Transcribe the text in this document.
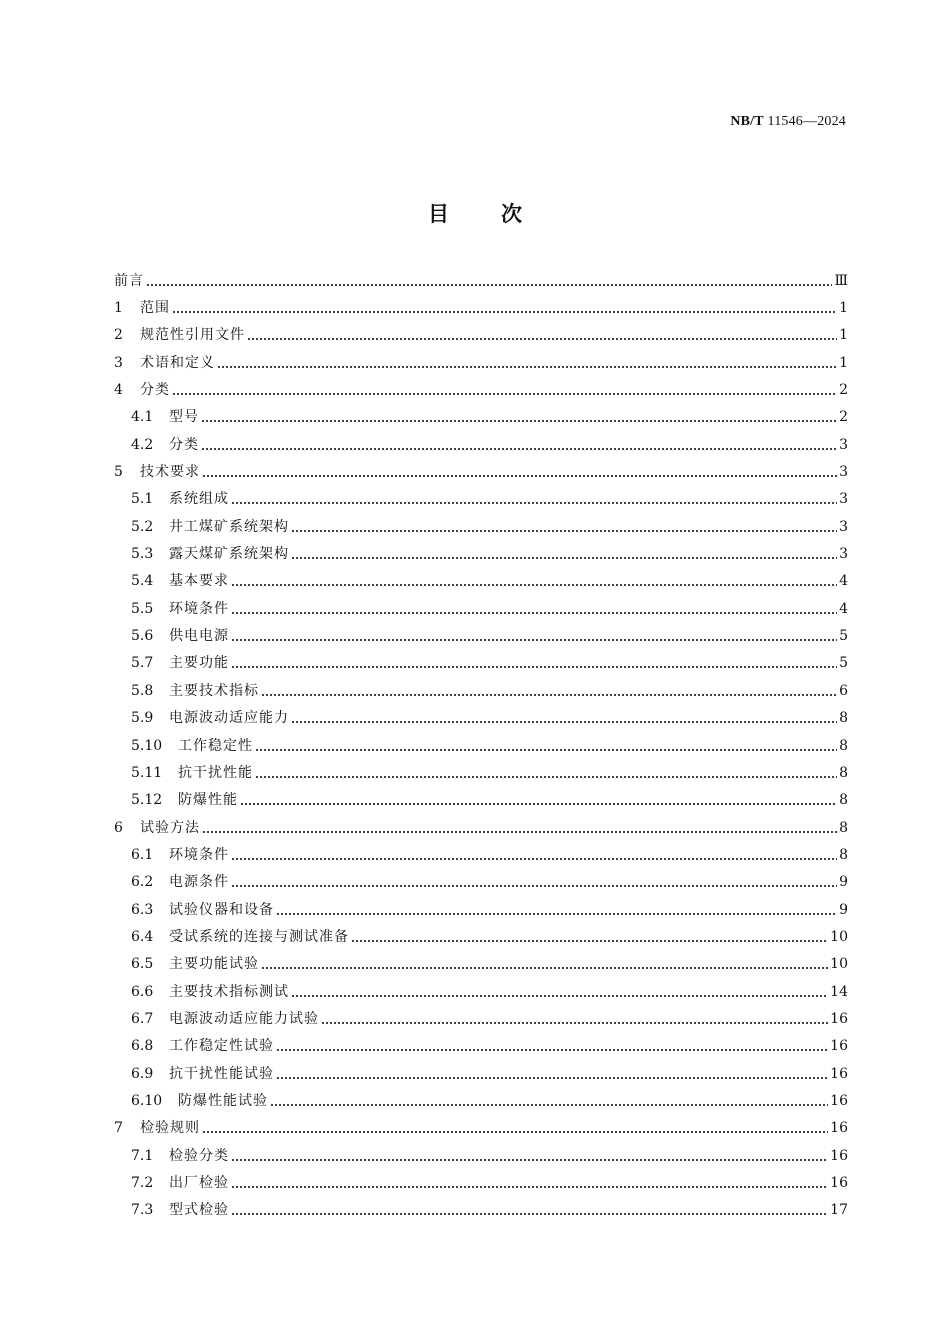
NB/T 11546—2024
目 次
前言	Ⅲ
1	范围	1
2	规范性引用文件	1
3	术语和定义	1
4	分类	2
4.1	型号	2
4.2	分类	3
5	技术要求	3
5.1	系统组成	3
5.2	井工煤矿系统架构	3
5.3	露天煤矿系统架构	3
5.4	基本要求	4
5.5	环境条件	4
5.6	供电电源	5
5.7	主要功能	5
5.8	主要技术指标	6
5.9	电源波动适应能力	8
5.10	工作稳定性	8
5.11	抗干扰性能	8
5.12	防爆性能	8
6	试验方法	8
6.1	环境条件	8
6.2	电源条件	9
6.3	试验仪器和设备	9
6.4	受试系统的连接与测试准备	10
6.5	主要功能试验	10
6.6	主要技术指标测试	14
6.7	电源波动适应能力试验	16
6.8	工作稳定性试验	16
6.9	抗干扰性能试验	16
6.10	防爆性能试验	16
7	检验规则	16
7.1	检验分类	16
7.2	出厂检验	16
7.3	型式检验	17
